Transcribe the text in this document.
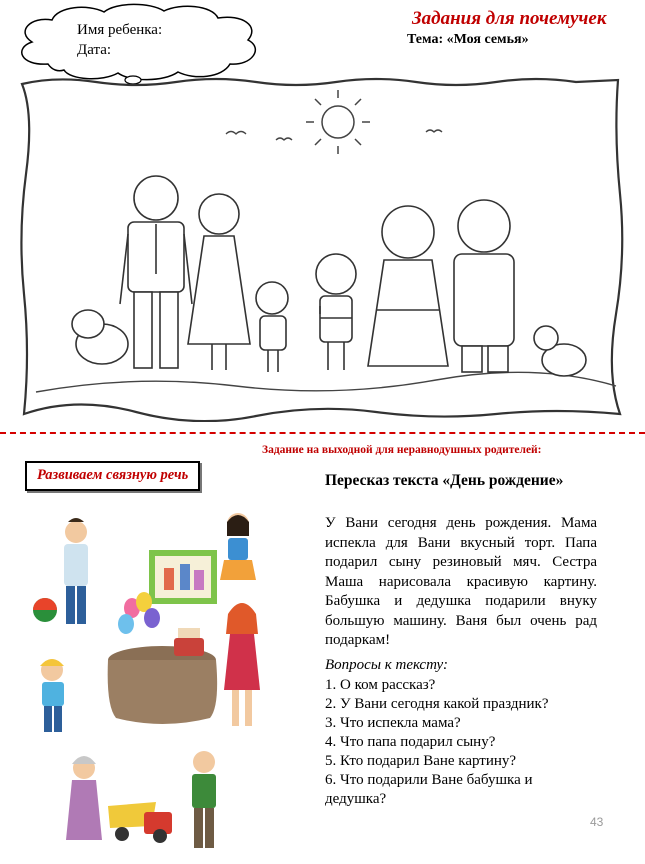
Имя ребенка:
Дата:
Задания для почемучек
Тема: «Моя семья»
Задание на выходной для неравнодушных родителей:
Развиваем связную речь	Пересказ текста «День рождение»
У Вани сегодня день рождения. Мама испекла для Вани вкусный торт. Папа подарил сыну резиновый мяч. Сестра Маша нарисовала красивую картину. Бабушка и дедушка подарили внуку большую машину. Ваня был очень рад подаркам!
Вопросы к тексту:
1. О ком рассказ?
2. У Вани сегодня какой праздник?
3. Что испекла мама?
4. Что папа подарил сыну?
5. Кто подарил Ване картину?
6. Что подарили Ване бабушка и дедушка?
43
